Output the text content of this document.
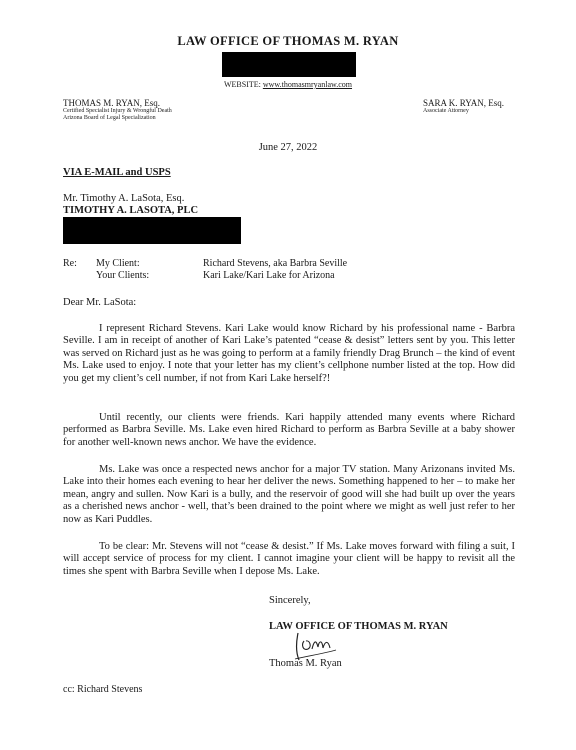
LAW OFFICE OF THOMAS M. RYAN
WEBSITE: www.thomasmryanlaw.com
THOMAS M. RYAN, Esq.
Certified Specialist Injury & Wrongful Death
Arizona Board of Legal Specialization
SARA K. RYAN, Esq.
Associate Attorney
June 27, 2022
VIA E-MAIL and USPS
Mr. Timothy A. LaSota, Esq.
TIMOTHY A. LASOTA, PLC
Re: My Client:	Richard Stevens, aka Barbra Seville
Your Clients:	Kari Lake/Kari Lake for Arizona
Dear Mr. LaSota:
I represent Richard Stevens. Kari Lake would know Richard by his professional name - Barbra Seville. I am in receipt of another of Kari Lake’s patented “cease & desist” letters sent by you. This letter was served on Richard just as he was going to perform at a family friendly Drag Brunch – the kind of event Ms. Lake used to enjoy. I note that your letter has my client’s cellphone number listed at the top. How did you get my client’s cell number, if not from Kari Lake herself?!
Until recently, our clients were friends. Kari happily attended many events where Richard performed as Barbra Seville. Ms. Lake even hired Richard to perform as Barbra Seville at a baby shower for another well-known news anchor. We have the evidence.
Ms. Lake was once a respected news anchor for a major TV station. Many Arizonans invited Ms. Lake into their homes each evening to hear her deliver the news. Something happened to her – to make her mean, angry and sullen. Now Kari is a bully, and the reservoir of good will she had built up over the years as a cherished news anchor - well, that’s been drained to the point where we might as well just refer to her now as Kari Puddles.
To be clear: Mr. Stevens will not “cease & desist.” If Ms. Lake moves forward with filing a suit, I will accept service of process for my client. I cannot imagine your client will be happy to revisit all the times she spent with Barbra Seville when I depose Ms. Lake.
Sincerely,
LAW OFFICE OF THOMAS M. RYAN
Thomas M. Ryan
cc: Richard Stevens
